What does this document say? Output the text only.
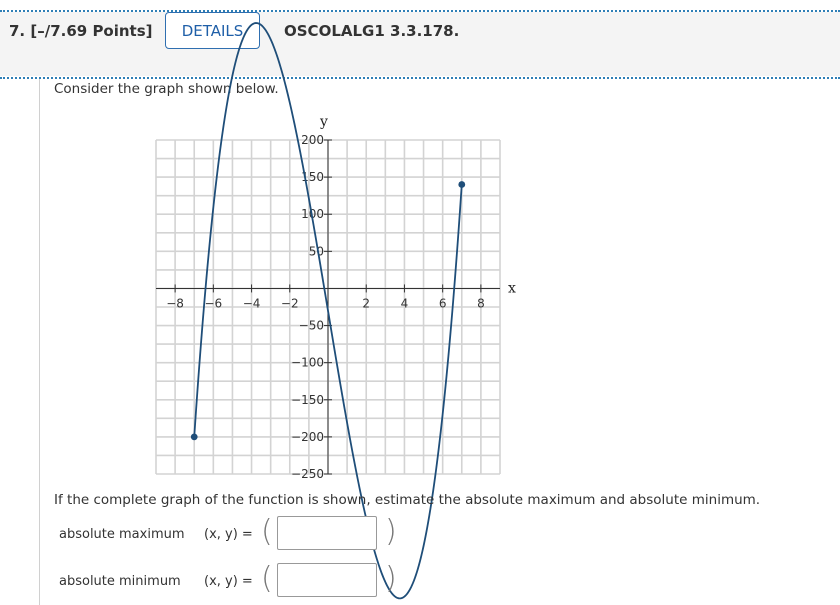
7. [–/7.69 Points]	DETAILS	OSCOLALG1 3.3.178.
Consider the graph shown below.
x
y
−8 −6 −4 −2	2	4	6	8
200
150
100
50
−50
−100
−150
−200
−250
If the complete graph of the function is shown, estimate the absolute maximum and absolute minimum.
absolute maximum (x, y) = (	)
absolute minimum (x, y) = (	)
